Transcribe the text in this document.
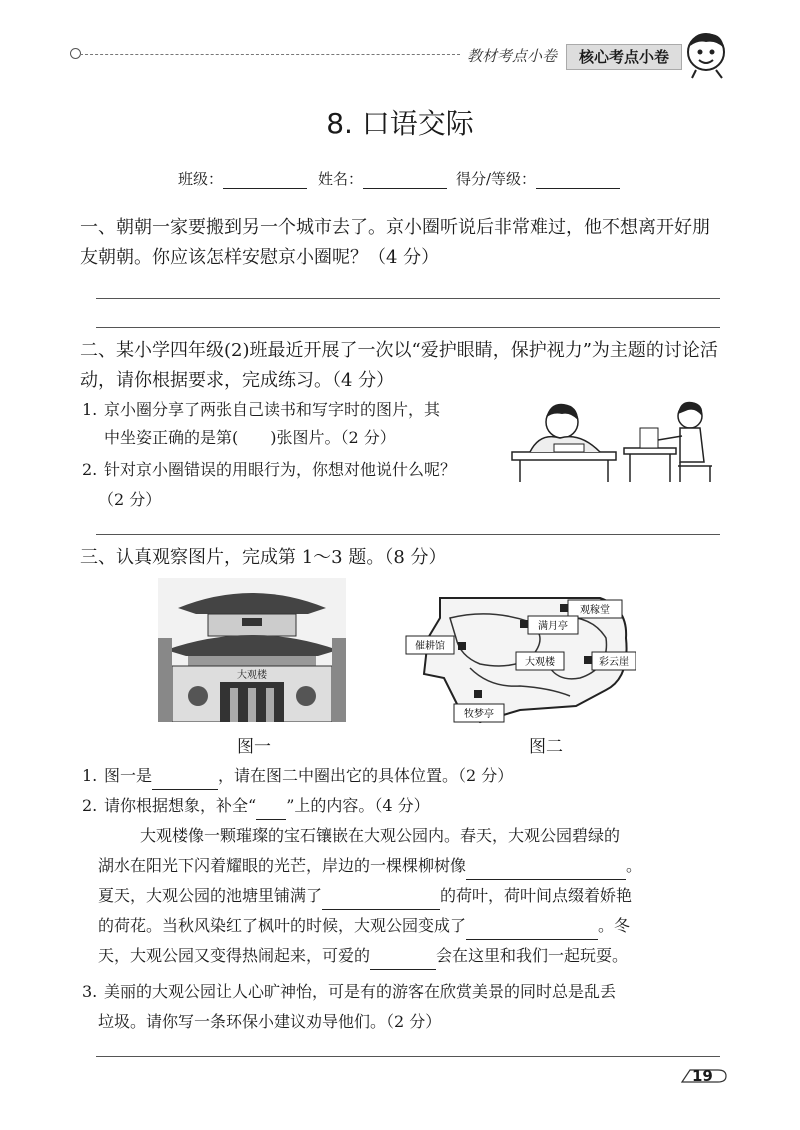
教材考点小卷	核心考点小卷
8. 口语交际
班级：	姓名：	得分/等级：
一、朝朝一家要搬到另一个城市去了。京小圈听说后非常难过，他不想离开好朋友朝朝。你应该怎样安慰京小圈呢？（4 分）
二、某小学四年级(2)班最近开展了一次以“爱护眼睛，保护视力”为主题的讨论活动，请你根据要求，完成练习。（4 分）
1. 京小圈分享了两张自己读书和写字时的图片，其
中坐姿正确的是第(　　)张图片。（2 分）
2. 针对京小圈错误的用眼行为，你想对他说什么呢？
（2 分）
三、认真观察图片，完成第 1～3 题。（8 分）
大观楼
图一
观稼堂
满月亭
催耕馆
大观楼	彩云崖
牧梦亭
图二
1. 图一是	，请在图二中圈出它的具体位置。（2 分）
2. 请你根据想象，补全“ ”上的内容。（4 分）
大观楼像一颗璀璨的宝石镶嵌在大观公园内。春天，大观公园碧绿的
湖水在阳光下闪着耀眼的光芒，岸边的一棵棵柳树像	。
夏天，大观公园的池塘里铺满了	的荷叶，荷叶间点缀着娇艳
的荷花。当秋风染红了枫叶的时候，大观公园变成了	。冬
天，大观公园又变得热闹起来，可爱的	会在这里和我们一起玩耍。
3. 美丽的大观公园让人心旷神怡，可是有的游客在欣赏美景的同时总是乱丢
垃圾。请你写一条环保小建议劝导他们。（2 分）
19
